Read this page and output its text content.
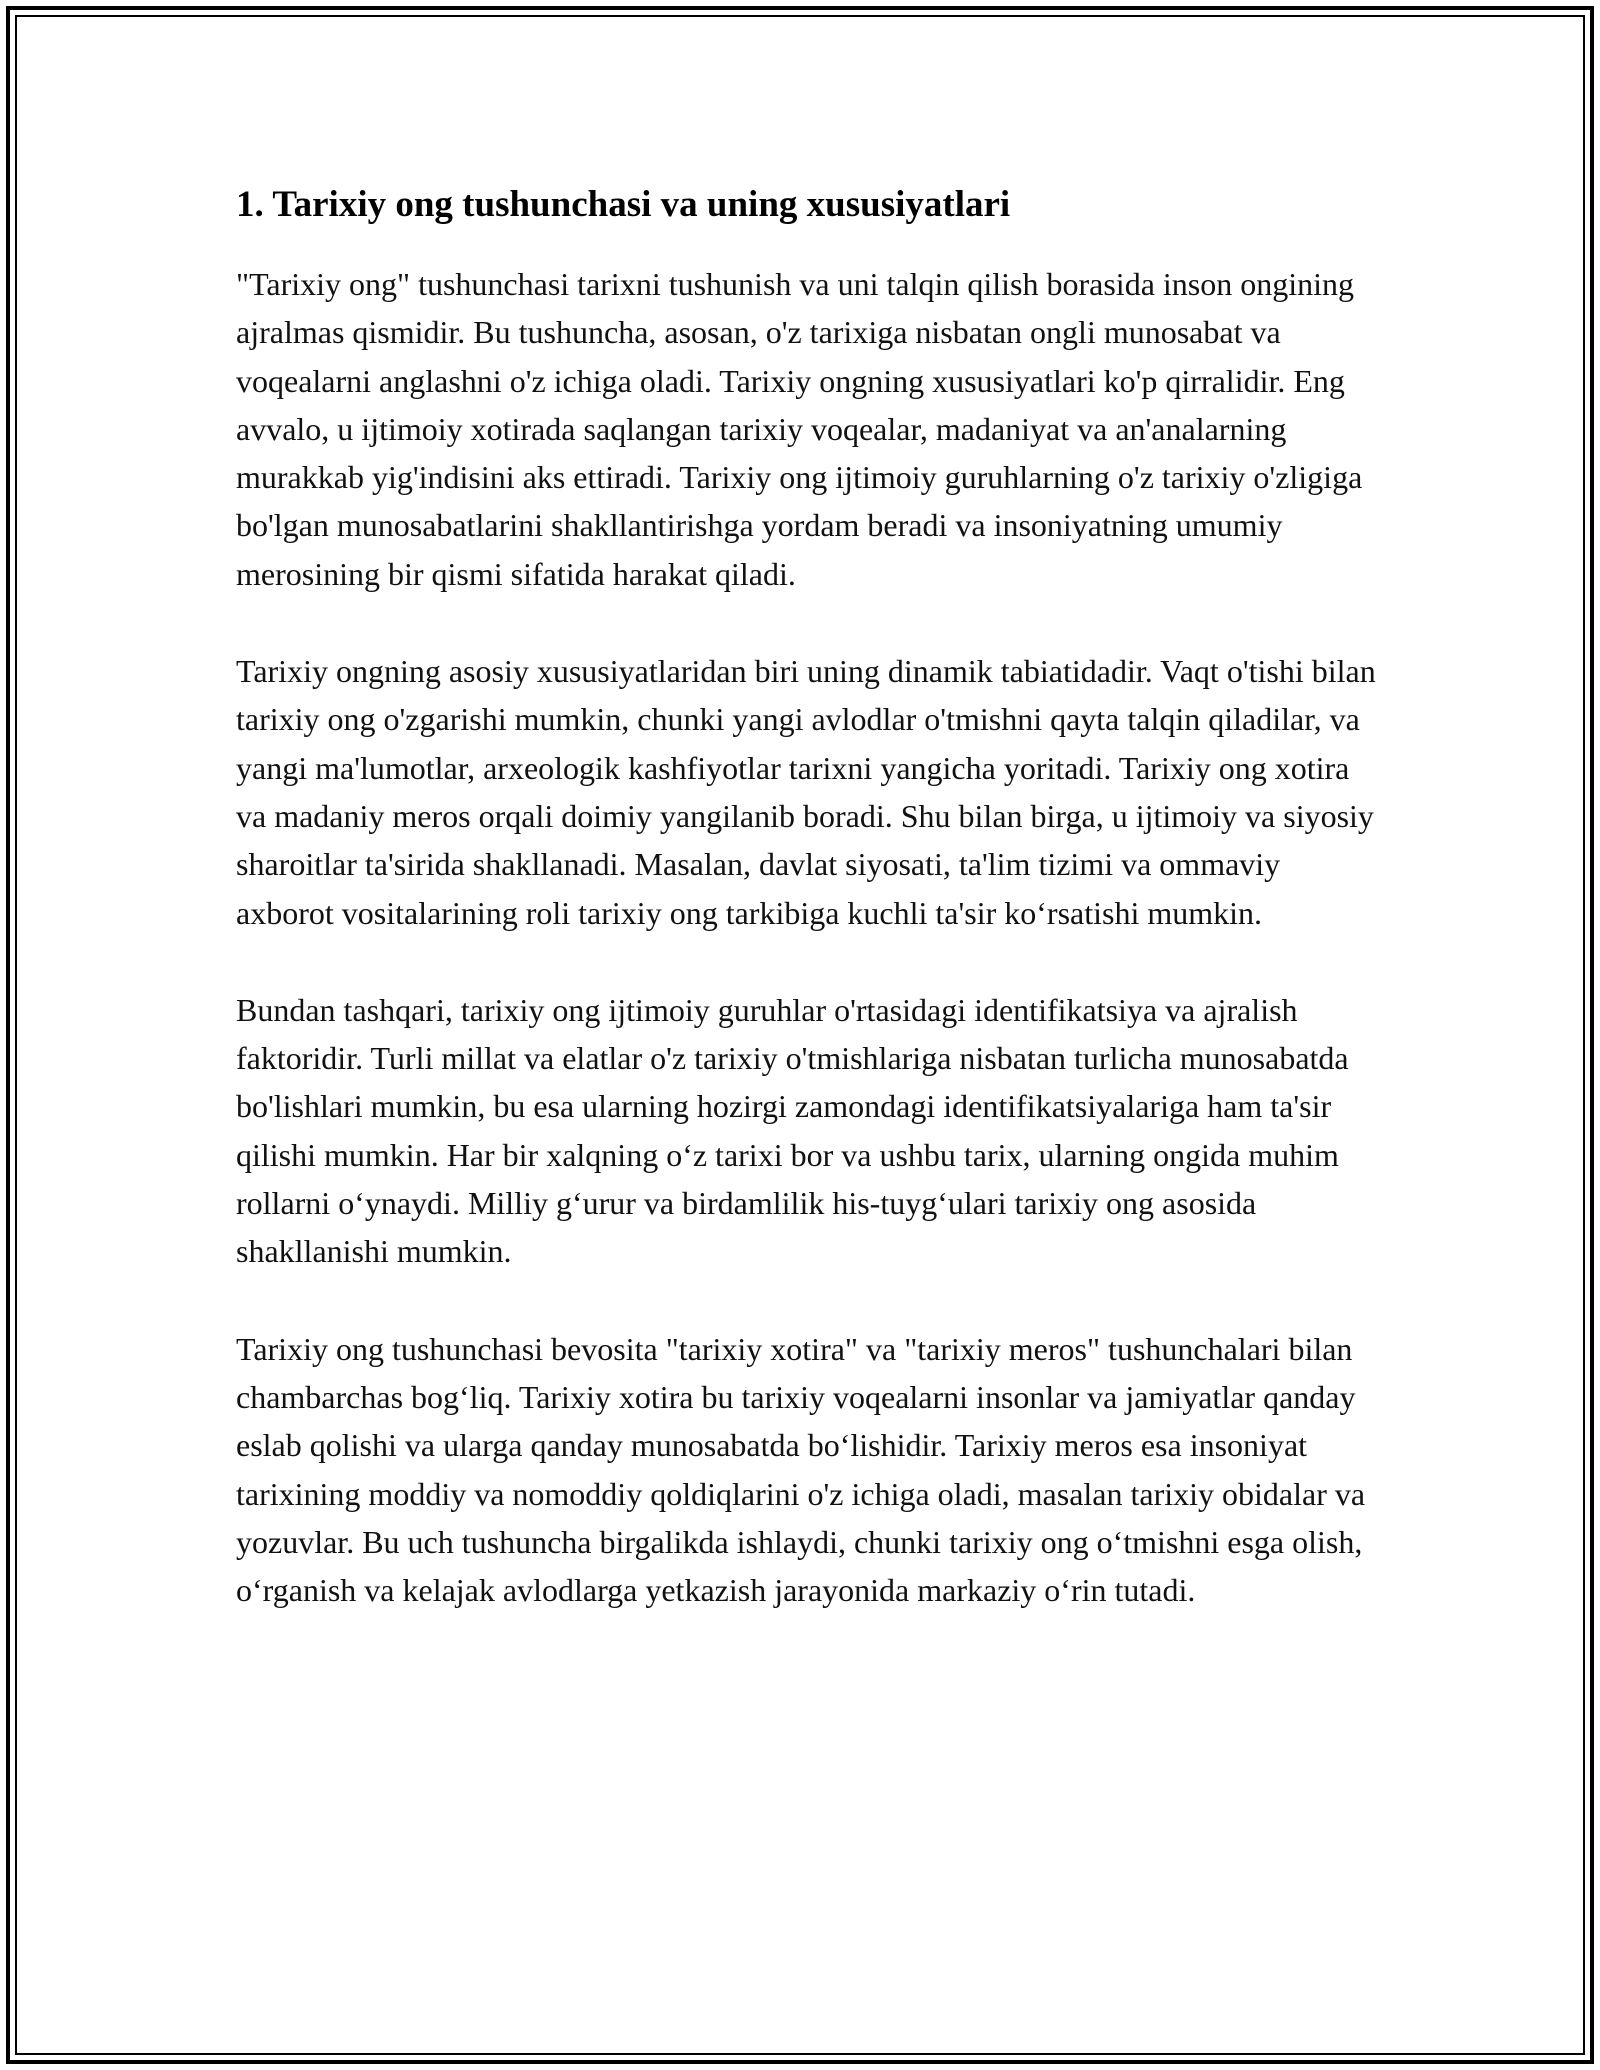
1. Tarixiy ong tushunchasi va uning xususiyatlari

"Tarixiy ong" tushunchasi tarixni tushunish va uni talqin qilish borasida inson ongining ajralmas qismidir. Bu tushuncha, asosan, o'z tarixiga nisbatan ongli munosabat va voqealarni anglashni o'z ichiga oladi. Tarixiy ongning xususiyatlari ko'p qirralidir. Eng avvalo, u ijtimoiy xotirada saqlangan tarixiy voqealar, madaniyat va an'analarning murakkab yig'indisini aks ettiradi. Tarixiy ong ijtimoiy guruhlarning o'z tarixiy o'zligiga bo'lgan munosabatlarini shakllantirishga yordam beradi va insoniyatning umumiy merosining bir qismi sifatida harakat qiladi.

Tarixiy ongning asosiy xususiyatlaridan biri uning dinamik tabiatidadir. Vaqt o'tishi bilan tarixiy ong o'zgarishi mumkin, chunki yangi avlodlar o'tmishni qayta talqin qiladilar, va yangi ma'lumotlar, arxeologik kashfiyotlar tarixni yangicha yoritadi. Tarixiy ong xotira va madaniy meros orqali doimiy yangilanib boradi. Shu bilan birga, u ijtimoiy va siyosiy sharoitlar ta'sirida shakllanadi. Masalan, davlat siyosati, ta'lim tizimi va ommaviy axborot vositalarining roli tarixiy ong tarkibiga kuchli ta'sir koʻrsatishi mumkin.

Bundan tashqari, tarixiy ong ijtimoiy guruhlar o'rtasidagi identifikatsiya va ajralish faktoridir. Turli millat va elatlar o'z tarixiy o'tmishlariga nisbatan turlicha munosabatda bo'lishlari mumkin, bu esa ularning hozirgi zamondagi identifikatsiyalariga ham ta'sir qilishi mumkin. Har bir xalqning oʻz tarixi bor va ushbu tarix, ularning ongida muhim rollarni oʻynaydi. Milliy gʻurur va birdamlilik his-tuygʻulari tarixiy ong asosida shakllanishi mumkin.

Tarixiy ong tushunchasi bevosita "tarixiy xotira" va "tarixiy meros" tushunchalari bilan chambarchas bogʻliq. Tarixiy xotira bu tarixiy voqealarni insonlar va jamiyatlar qanday eslab qolishi va ularga qanday munosabatda boʻlishidir. Tarixiy meros esa insoniyat tarixining moddiy va nomoddiy qoldiqlarini o'z ichiga oladi, masalan tarixiy obidalar va yozuvlar. Bu uch tushuncha birgalikda ishlaydi, chunki tarixiy ong oʻtmishni esga olish, oʻrganish va kelajak avlodlarga yetkazish jarayonida markaziy oʻrin tutadi.
